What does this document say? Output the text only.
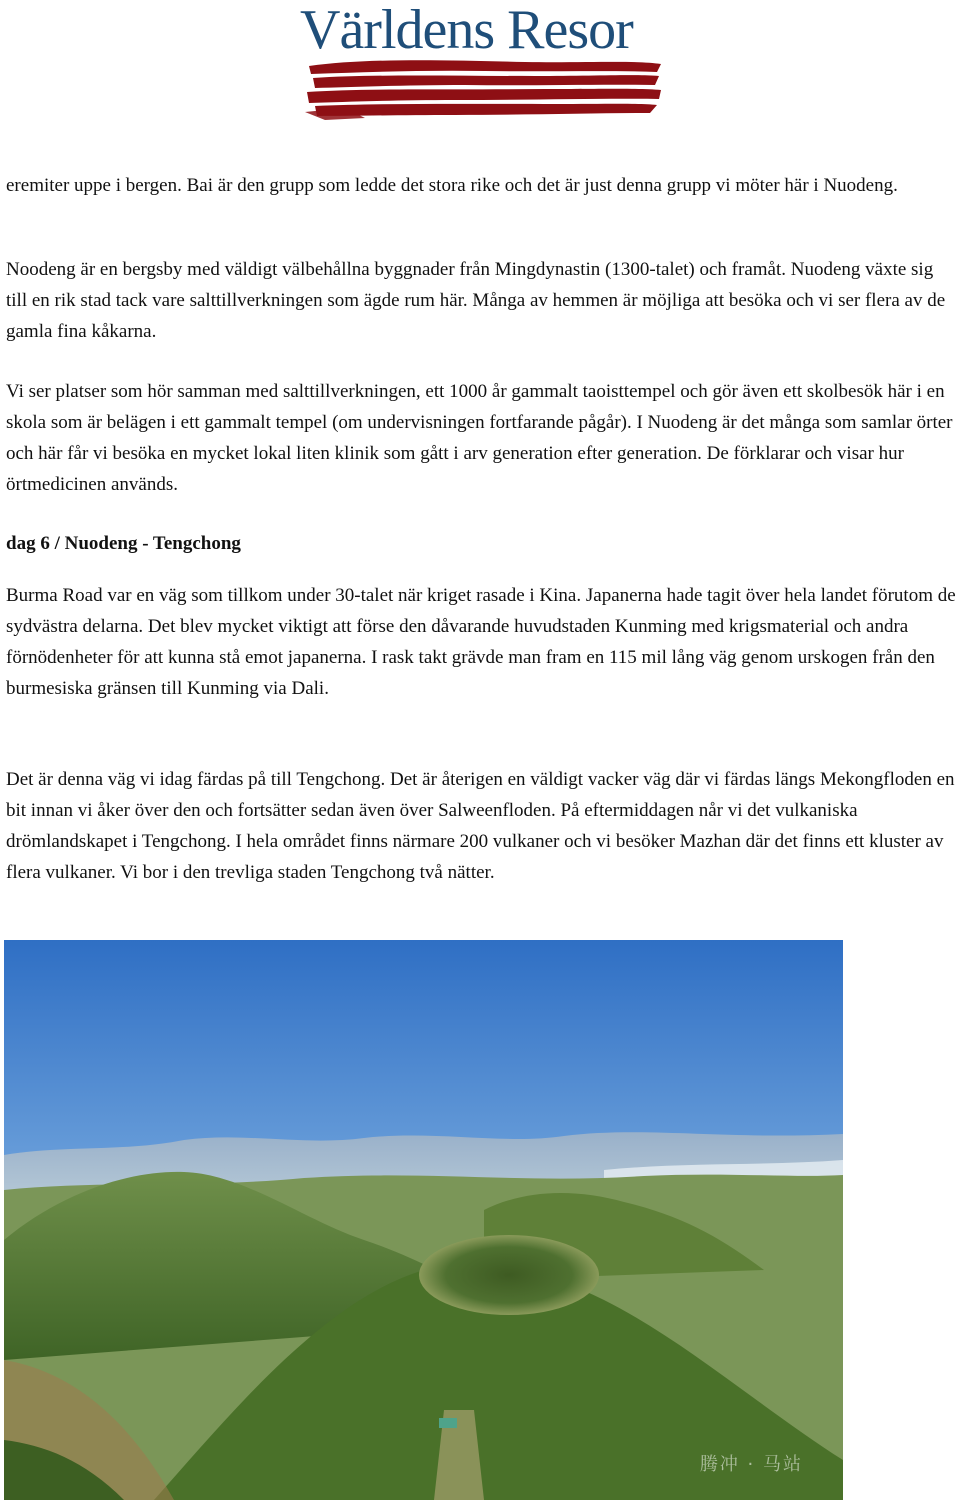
Världens Resor

eremiter uppe i bergen. Bai är den grupp som ledde det stora rike och det är just denna grupp vi möter här i Nuodeng.

Noodeng är en bergsby med väldigt välbehållna byggnader från Mingdynastin (1300-talet) och framåt. Nuodeng växte sig till en rik stad tack vare salttillverkningen som ägde rum här. Många av hemmen är möjliga att besöka och vi ser flera av de gamla fina kåkarna.

Vi ser platser som hör samman med salttillverkningen, ett 1000 år gammalt taoisttempel och gör även ett skolbesök här i en skola som är belägen i ett gammalt tempel (om undervisningen fortfarande pågår). I Nuodeng är det många som samlar örter och här får vi besöka en mycket lokal liten klinik som gått i arv generation efter generation. De förklarar och visar hur örtmedicinen används.

dag 6 / Nuodeng - Tengchong

Burma Road var en väg som tillkom under 30-talet när kriget rasade i Kina. Japanerna hade tagit över hela landet förutom de sydvästra delarna. Det blev mycket viktigt att förse den dåvarande huvudstaden Kunming med krigsmaterial och andra förnödenheter för att kunna stå emot japanerna. I rask takt grävde man fram en 115 mil lång väg genom urskogen från den burmesiska gränsen till Kunming via Dali.

Det är denna väg vi idag färdas på till Tengchong. Det är återigen en väldigt vacker väg där vi färdas längs Mekongfloden en bit innan vi åker över den och fortsätter sedan även över Salweenfloden. På eftermiddagen når vi det vulkaniska drömlandskapet i Tengchong. I hela området finns närmare 200 vulkaner och vi besöker Mazhan där det finns ett kluster av flera vulkaner. Vi bor i den trevliga staden Tengchong två nätter.

腾冲 · 马站
